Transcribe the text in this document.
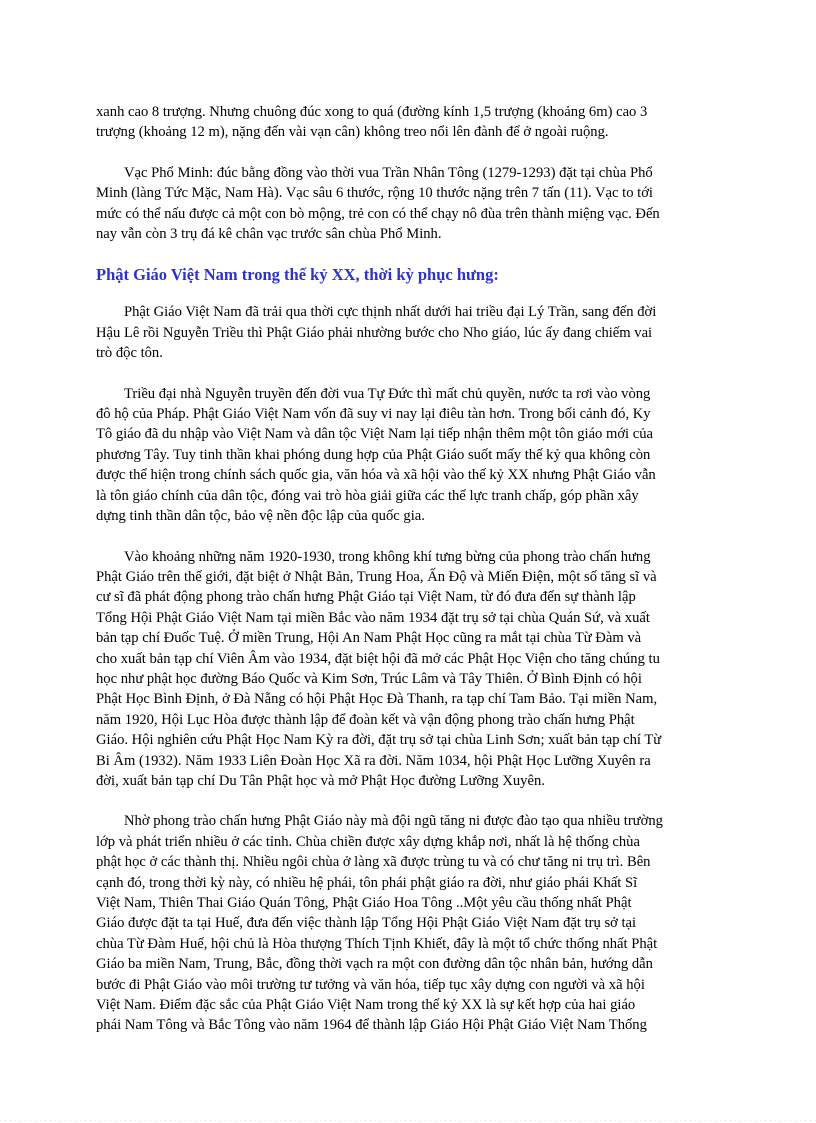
xanh cao 8 trượng. Nhưng chuông đúc xong to quá (đường kính 1,5 trượng (khoảng 6m) cao 3
trượng (khoảng 12 m), nặng đến vài vạn cân) không treo nổi lên đành để ở ngoài ruộng.

Vạc Phổ Minh: đúc bằng đồng vào thời vua Trần Nhân Tông (1279-1293) đặt tại chùa Phổ
Minh (làng Tức Mặc, Nam Hà). Vạc sâu 6 thước, rộng 10 thước nặng trên 7 tấn (11). Vạc to tới
mức có thể nấu được cả một con bò mộng, trẻ con có thể chạy nô đùa trên thành miệng vạc. Đến
nay vẫn còn 3 trụ đá kê chân vạc trước sân chùa Phổ Minh.

Phật Giáo Việt Nam trong thế kỷ XX, thời kỳ phục hưng:

Phật Giáo Việt Nam đã trải qua thời cực thịnh nhất dưới hai triều đại Lý Trần, sang đến đời
Hậu Lê rồi Nguyễn Triều thì Phật Giáo phải nhường bước cho Nho giáo, lúc ấy đang chiếm vai
trò độc tôn.

Triều đại nhà Nguyễn truyền đến đời vua Tự Đức thì mất chủ quyền, nước ta rơi vào vòng
đô hộ của Pháp. Phật Giáo Việt Nam vốn đã suy vi nay lại điêu tàn hơn. Trong bối cảnh đó, Ky
Tô giáo đã du nhập vào Việt Nam và dân tộc Việt Nam lại tiếp nhận thêm một tôn giáo mới của
phương Tây. Tuy tinh thần khai phóng dung hợp của Phật Giáo suốt mấy thế kỷ qua không còn
được thể hiện trong chính sách quốc gia, văn hóa và xã hội vào thế kỷ XX nhưng Phật Giáo vẫn
là tôn giáo chính của dân tộc, đóng vai trò hòa giải giữa các thế lực tranh chấp, góp phần xây
dựng tinh thần dân tộc, bảo vệ nền độc lập của quốc gia.

Vào khoảng những năm 1920-1930, trong không khí tưng bừng của phong trào chấn hưng
Phật Giáo trên thế giới, đặt biệt ở Nhật Bản, Trung Hoa, Ấn Độ và Miến Điện, một số tăng sĩ và
cư sĩ đã phát động phong trào chấn hưng Phật Giáo tại Việt Nam, từ đó đưa đến sự thành lập
Tổng Hội Phật Giáo Việt Nam tại miền Bắc vào năm 1934 đặt trụ sở tại chùa Quán Sứ, và xuất
bản tạp chí Đuốc Tuệ. Ở miền Trung, Hội An Nam Phật Học cũng ra mắt tại chùa Từ Đàm và
cho xuất bản tạp chí Viên Âm vào 1934, đặt biệt hội đã mở các Phật Học Viện cho tăng chúng tu
học như phật học đường Báo Quốc và Kim Sơn, Trúc Lâm và Tây Thiên. Ở Bình Định có hội
Phật Học Bình Định, ở Đà Nẵng có hội Phật Học Đà Thanh, ra tạp chí Tam Bảo. Tại miền Nam,
năm 1920, Hội Lục Hòa được thành lập để đoàn kết và vận động phong trào chấn hưng Phật
Giáo. Hội nghiên cứu Phật Học Nam Kỳ ra đời, đặt trụ sở tại chùa Linh Sơn; xuất bản tạp chí Từ
Bi Âm (1932). Năm 1933 Liên Đoàn Học Xã ra đời. Năm 1034, hội Phật Học Lưỡng Xuyên ra
đời, xuất bản tạp chí Du Tân Phật học và mở Phật Học đường Lưỡng Xuyên.

Nhờ phong trào chấn hưng Phật Giáo này mà đội ngũ tăng ni được đào tạo qua nhiều trường
lớp và phát triển nhiều ở các tỉnh. Chùa chiền được xây dựng khắp nơi, nhất là hệ thống chùa
phật học ở các thành thị. Nhiều ngôi chùa ở làng xã được trùng tu và có chư tăng ni trụ trì. Bên
cạnh đó, trong thời kỳ này, có nhiều hệ phái, tôn phái phật giáo ra đời, như giáo phái Khất Sĩ
Việt Nam, Thiên Thai Giáo Quán Tông, Phật Giáo Hoa Tông ..Một yêu cầu thống nhất Phật
Giáo được đặt ta tại Huế, đưa đến việc thành lập Tổng Hội Phật Giáo Việt Nam đặt trụ sở tại
chùa Từ Đàm Huế, hội chủ là Hòa thượng Thích Tịnh Khiết, đây là một tổ chức thống nhất Phật
Giáo ba miền Nam, Trung, Bắc, đồng thời vạch ra một con đường dân tộc nhân bản, hướng dẫn
bước đi Phật Giáo vào môi trường tư tưởng và văn hóa, tiếp tục xây dựng con người và xã hội
Việt Nam. Điểm đặc sắc của Phật Giáo Việt Nam trong thế kỷ XX là sự kết hợp của hai giáo
phái Nam Tông và Bắc Tông vào năm 1964 để thành lập Giáo Hội Phật Giáo Việt Nam Thống
